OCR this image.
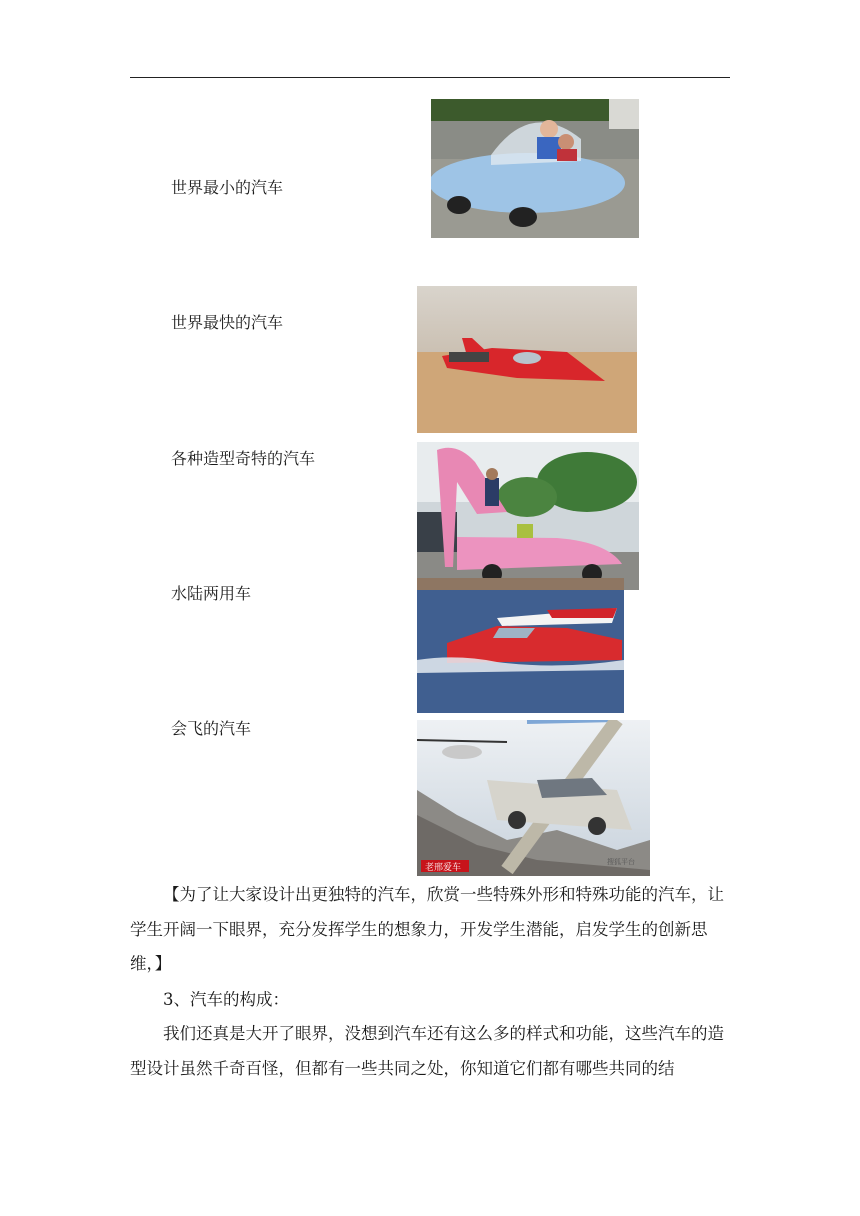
世界最小的汽车
世界最快的汽车
各种造型奇特的汽车
水陆两用车
会飞的汽车
老邢爱车
搜狐平台
【为了让大家设计出更独特的汽车，欣赏一些特殊外形和特殊功能的汽车，让学生开阔一下眼界，充分发挥学生的想象力，开发学生潜能，启发学生的创新思维，】
3、汽车的构成：
我们还真是大开了眼界，没想到汽车还有这么多的样式和功能，这些汽车的造型设计虽然千奇百怪，但都有一些共同之处，你知道它们都有哪些共同的结
